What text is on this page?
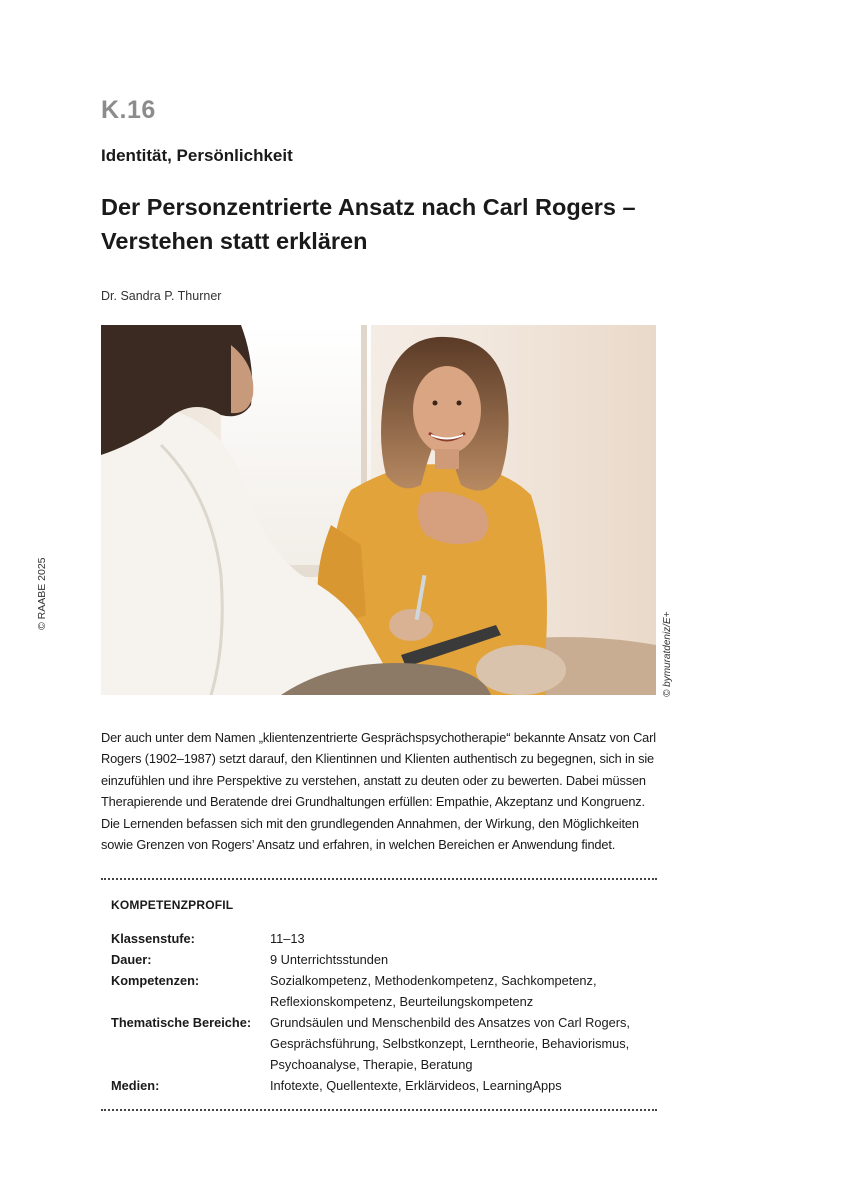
K.16
Identität, Persönlichkeit
Der Personzentrierte Ansatz nach Carl Rogers –
Verstehen statt erklären
Dr. Sandra P. Thurner
© RAABE 2025
© bymuratdeniz/E+
Der auch unter dem Namen „klientenzentrierte Gesprächspsychotherapie“ bekannte Ansatz von Carl
Rogers (1902–1987) setzt darauf, den Klientinnen und Klienten authentisch zu begegnen, sich in sie
einzufühlen und ihre Perspektive zu verstehen, anstatt zu deuten oder zu bewerten. Dabei müssen
Therapierende und Beratende drei Grundhaltungen erfüllen: Empathie, Akzeptanz und Kongruenz.
Die Lernenden befassen sich mit den grundlegenden Annahmen, der Wirkung, den Möglichkeiten
sowie Grenzen von Rogers’ Ansatz und erfahren, in welchen Bereichen er Anwendung findet.
KOMPETENZPROFIL
Klassenstufe:	11–13
Dauer:	9 Unterrichtsstunden
Kompetenzen:	Sozialkompetenz, Methodenkompetenz, Sachkompetenz,
Reflexionskompetenz, Beurteilungskompetenz
Thematische Bereiche: Grundsäulen und Menschenbild des Ansatzes von Carl Rogers,
Gesprächsführung, Selbstkonzept, Lerntheorie, Behaviorismus,
Psychoanalyse, Therapie, Beratung
Medien:	Infotexte, Quellentexte, Erklärvideos, LearningApps
